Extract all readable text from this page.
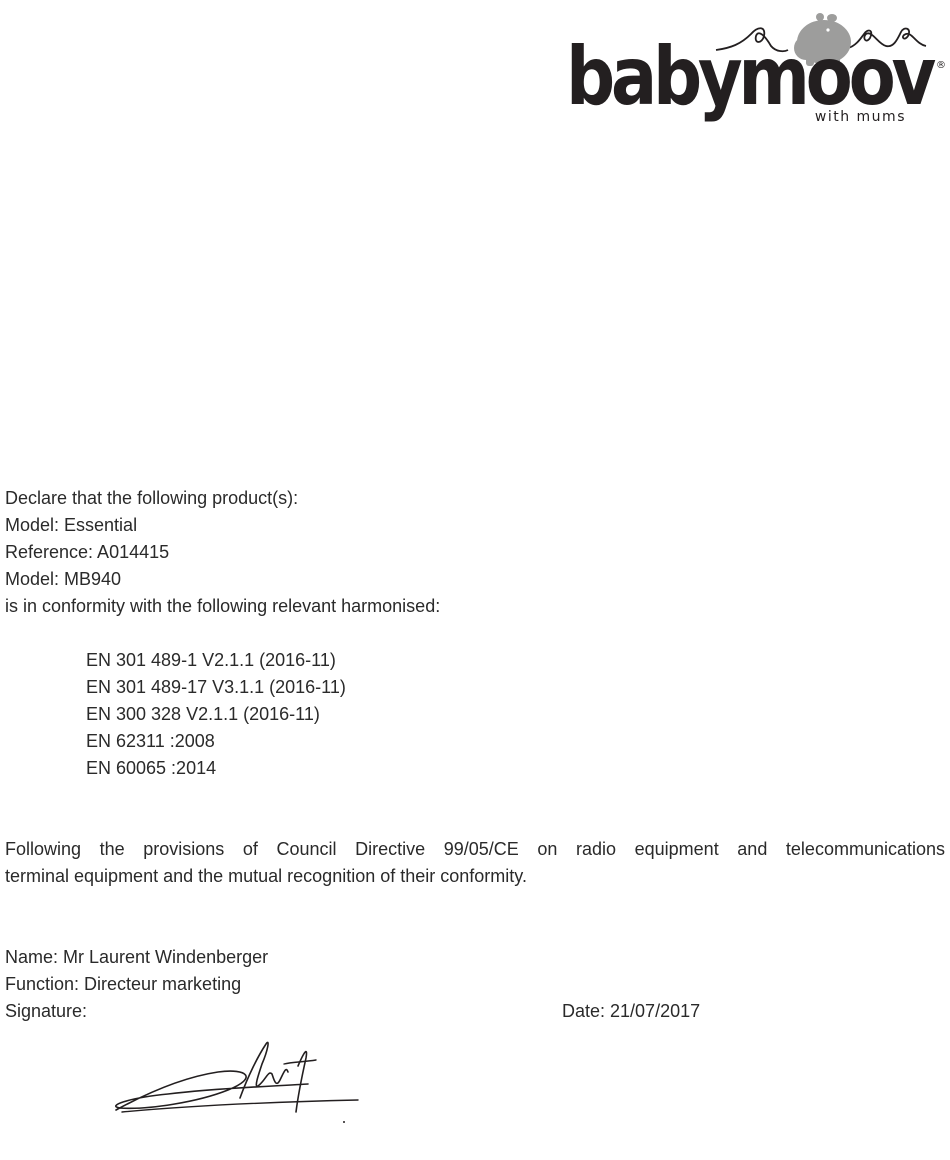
babymoov ®
with mums
Declare that the following product(s):
Model: Essential
Reference: A014415
Model: MB940
is in conformity with the following relevant harmonised:
EN 301 489-1 V2.1.1 (2016-11)
EN 301 489-17 V3.1.1 (2016-11)
EN 300 328 V2.1.1 (2016-11)
EN 62311 :2008
EN 60065 :2014
Following the provisions of Council Directive 99/05/CE on radio equipment and telecommunications
terminal equipment and the mutual recognition of their conformity.
Name: Mr Laurent Windenberger
Function: Directeur marketing
Signature:	Date: 21/07/2017
